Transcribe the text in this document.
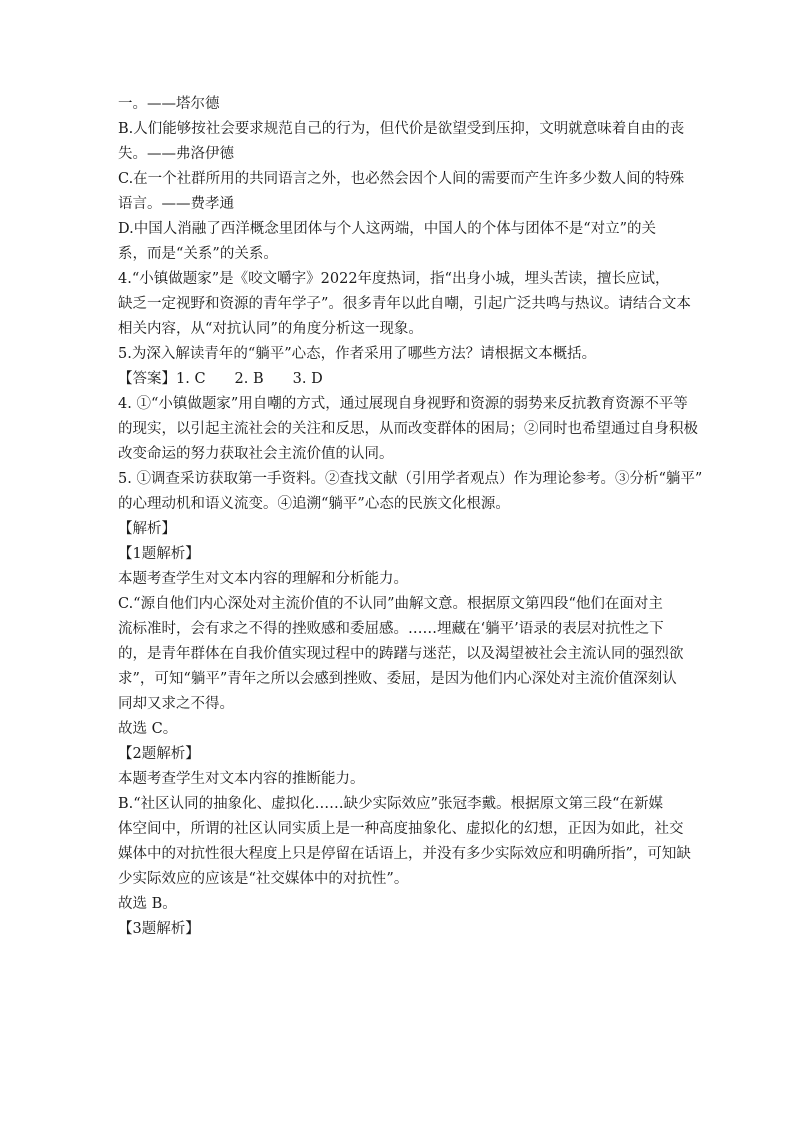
一。——塔尔德
B.人们能够按社会要求规范自己的行为，但代价是欲望受到压抑，文明就意味着自由的丧
失。——弗洛伊德
C.在一个社群所用的共同语言之外，也必然会因个人间的需要而产生许多少数人间的特殊
语言。——费孝通
D.中国人消融了西洋概念里团体与个人这两端，中国人的个体与团体不是“对立”的关
系，而是“关系”的关系。
4.“小镇做题家”是《咬文嚼字》2022年度热词，指“出身小城，埋头苦读，擅长应试，
缺乏一定视野和资源的青年学子”。很多青年以此自嘲，引起广泛共鸣与热议。请结合文本
相关内容，从“对抗认同”的角度分析这一现象。
5.为深入解读青年的“躺平”心态，作者采用了哪些方法？请根据文本概括。
【答案】1. C　　2. B　　3. D
4. ①“小镇做题家”用自嘲的方式，通过展现自身视野和资源的弱势来反抗教育资源不平等
的现实，以引起主流社会的关注和反思，从而改变群体的困局；②同时也希望通过自身积极
改变命运的努力获取社会主流价值的认同。
5. ①调查采访获取第一手资料。②查找文献（引用学者观点）作为理论参考。③分析“躺平”
的心理动机和语义流变。④追溯“躺平”心态的民族文化根源。
【解析】
【1题解析】
本题考查学生对文本内容的理解和分析能力。
C.“源自他们内心深处对主流价值的不认同”曲解文意。根据原文第四段“他们在面对主
流标准时，会有求之不得的挫败感和委屈感。……埋藏在‘躺平’语录的表层对抗性之下
的，是青年群体在自我价值实现过程中的踌躇与迷茫，以及渴望被社会主流认同的强烈欲
求”，可知“躺平”青年之所以会感到挫败、委屈，是因为他们内心深处对主流价值深刻认
同却又求之不得。
故选 C。
【2题解析】
本题考查学生对文本内容的推断能力。
B.“社区认同的抽象化、虚拟化……缺少实际效应”张冠李戴。根据原文第三段“在新媒
体空间中，所谓的社区认同实质上是一种高度抽象化、虚拟化的幻想，正因为如此，社交
媒体中的对抗性很大程度上只是停留在话语上，并没有多少实际效应和明确所指”，可知缺
少实际效应的应该是“社交媒体中的对抗性”。
故选 B。
【3题解析】
